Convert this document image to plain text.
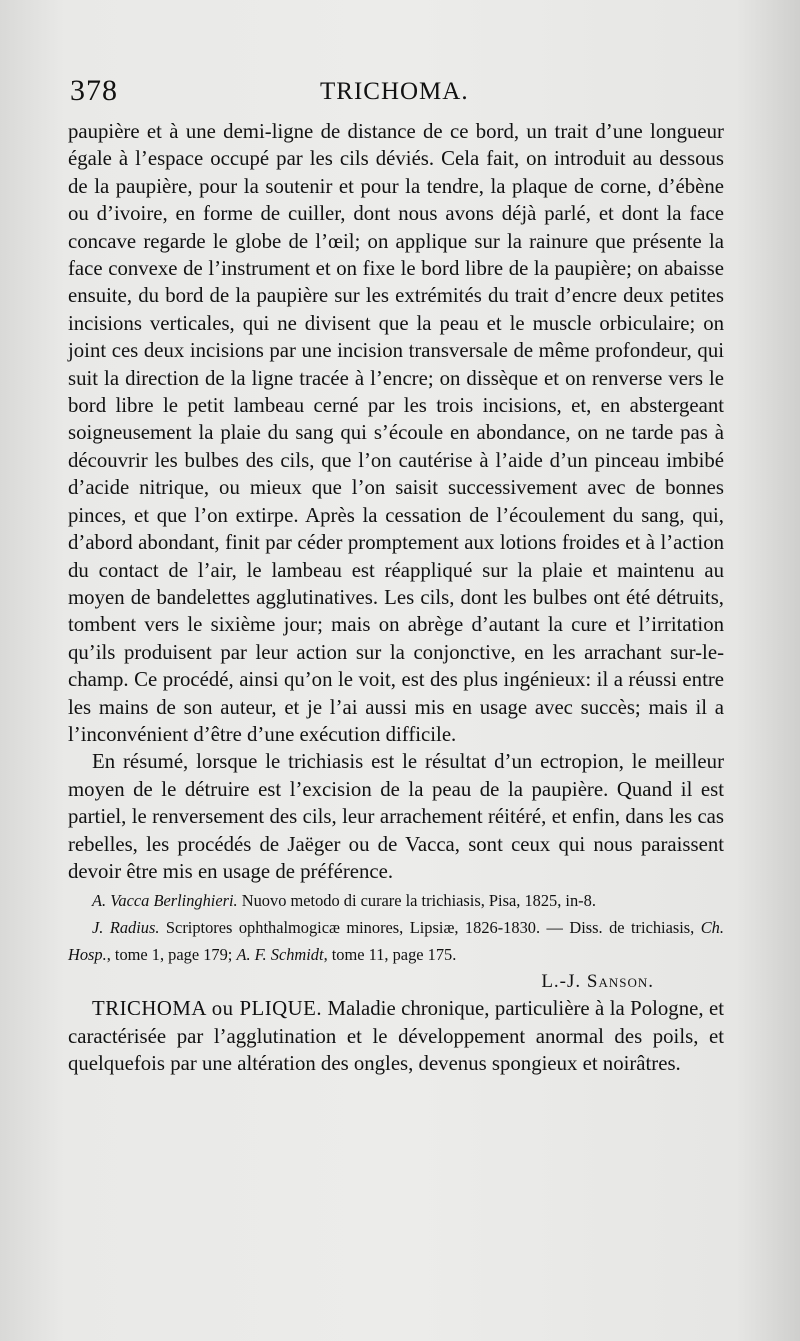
378	TRICHOMA.

paupière et à une demi-ligne de distance de ce bord, un trait d’une longueur égale à l’espace occupé par les cils déviés. Cela fait, on introduit au dessous de la paupière, pour la soutenir et pour la tendre, la plaque de corne, d’ébène ou d’ivoire, en forme de cuiller, dont nous avons déjà parlé, et dont la face concave regarde le globe de l’œil; on applique sur la rainure que présente la face convexe de l’instrument et on fixe le bord libre de la paupière; on abaisse ensuite, du bord de la paupière sur les extrémités du trait d’encre deux petites incisions verticales, qui ne divisent que la peau et le muscle orbiculaire; on joint ces deux incisions par une incision transversale de même profondeur, qui suit la direction de la ligne tracée à l’encre; on dissèque et on renverse vers le bord libre le petit lambeau cerné par les trois incisions, et, en abstergeant soigneusement la plaie du sang qui s’écoule en abondance, on ne tarde pas à découvrir les bulbes des cils, que l’on cautérise à l’aide d’un pinceau imbibé d’acide nitrique, ou mieux que l’on saisit successivement avec de bonnes pinces, et que l’on extirpe. Après la cessation de l’écoulement du sang, qui, d’abord abondant, finit par céder promptement aux lotions froides et à l’action du contact de l’air, le lambeau est réappliqué sur la plaie et maintenu au moyen de bandelettes agglutinatives. Les cils, dont les bulbes ont été détruits, tombent vers le sixième jour; mais on abrège d’autant la cure et l’irritation qu’ils produisent par leur action sur la conjonctive, en les arrachant sur-le-champ. Ce procédé, ainsi qu’on le voit, est des plus ingénieux: il a réussi entre les mains de son auteur, et je l’ai aussi mis en usage avec succès; mais il a l’inconvénient d’être d’une exécution difficile.

En résumé, lorsque le trichiasis est le résultat d’un ectropion, le meilleur moyen de le détruire est l’excision de la peau de la paupière. Quand il est partiel, le renversement des cils, leur arrachement réitéré, et enfin, dans les cas rebelles, les procédés de Jaëger ou de Vacca, sont ceux qui nous paraissent devoir être mis en usage de préférence.

A. Vacca Berlinghieri. Nuovo metodo di curare la trichiasis, Pisa, 1825, in-8.

J. Radius. Scriptores ophthalmogicæ minores, Lipsiæ, 1826-1830. — Diss. de trichiasis, Ch. Hosp., tome 1, page 179; A. F. Schmidt, tome 11, page 175.

L.-J. Sanson.

TRICHOMA ou PLIQUE. Maladie chronique, particulière à la Pologne, et caractérisée par l’agglutination et le développement anormal des poils, et quelquefois par une altération des ongles, devenus spongieux et noirâtres.
